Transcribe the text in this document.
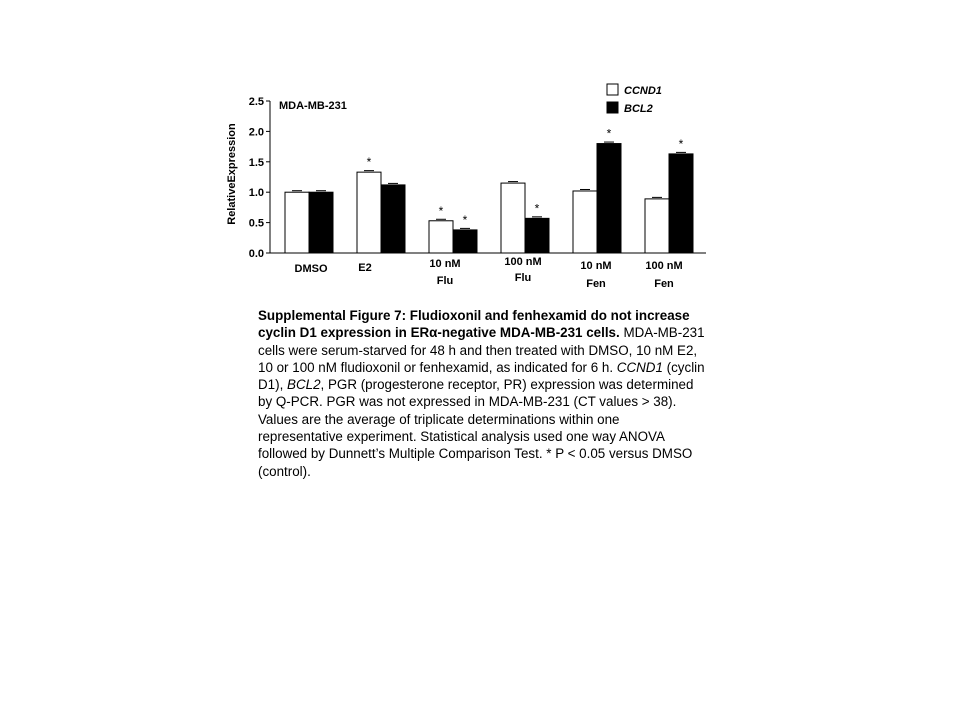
0.0
0.5
1.0
1.5
2.0
2.5
*
*
*
*
*
*
DMSO	E2	10 nM
Flu
100 nM
Flu
10 nM
Fen
100 nM
Fen
MDA-MB-231
RelativeExpression
CCND1
BCL2
Supplemental Figure 7: Fludioxonil and fenhexamid do not increase cyclin D1 expression in ERα-negative MDA-MB-231 cells. MDA-MB-231 cells were serum-starved for 48 h and then treated with DMSO, 10 nM E2, 10 or 100 nM fludioxonil or fenhexamid, as indicated for 6 h. CCND1 (cyclin D1), BCL2, PGR (progesterone receptor, PR) expression was determined by Q-PCR. PGR was not expressed in MDA-MB-231 (CT values > 38). Values are the average of triplicate determinations within one representative experiment. Statistical analysis used one way ANOVA followed by Dunnett’s Multiple Comparison Test. * P < 0.05 versus DMSO (control).
